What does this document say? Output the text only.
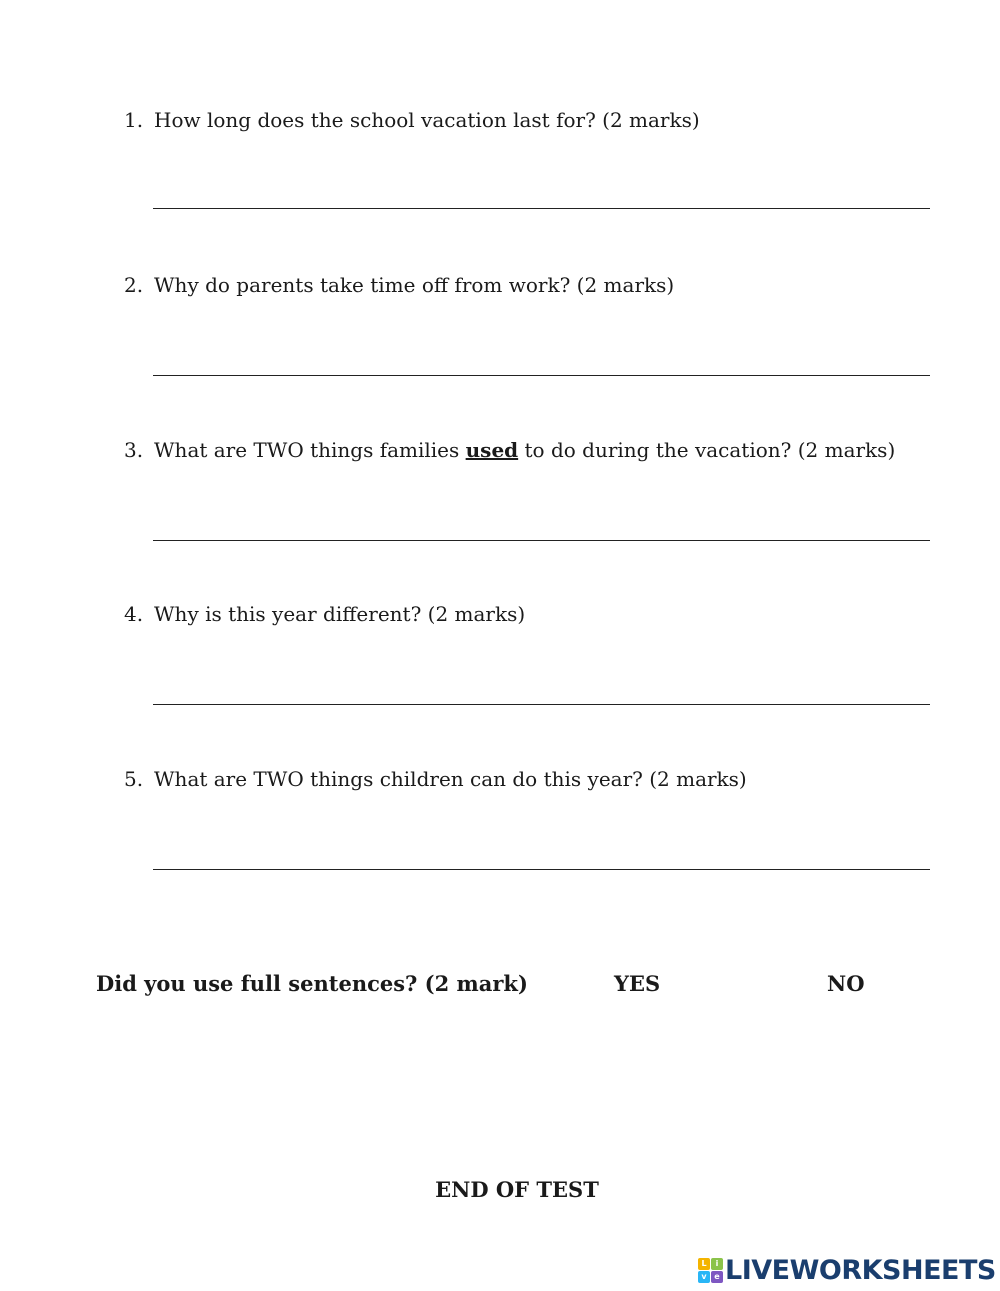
1. How long does the school vacation last for? (2 marks)
2. Why do parents take time off from work? (2 marks)
3. What are TWO things families used to do during the vacation? (2 marks)
4. Why is this year different? (2 marks)
5. What are TWO things children can do this year? (2 marks)
Did you use full sentences? (2 mark)	YES	NO
END OF TEST
L	i
v e LIVEWORKSHEETS
